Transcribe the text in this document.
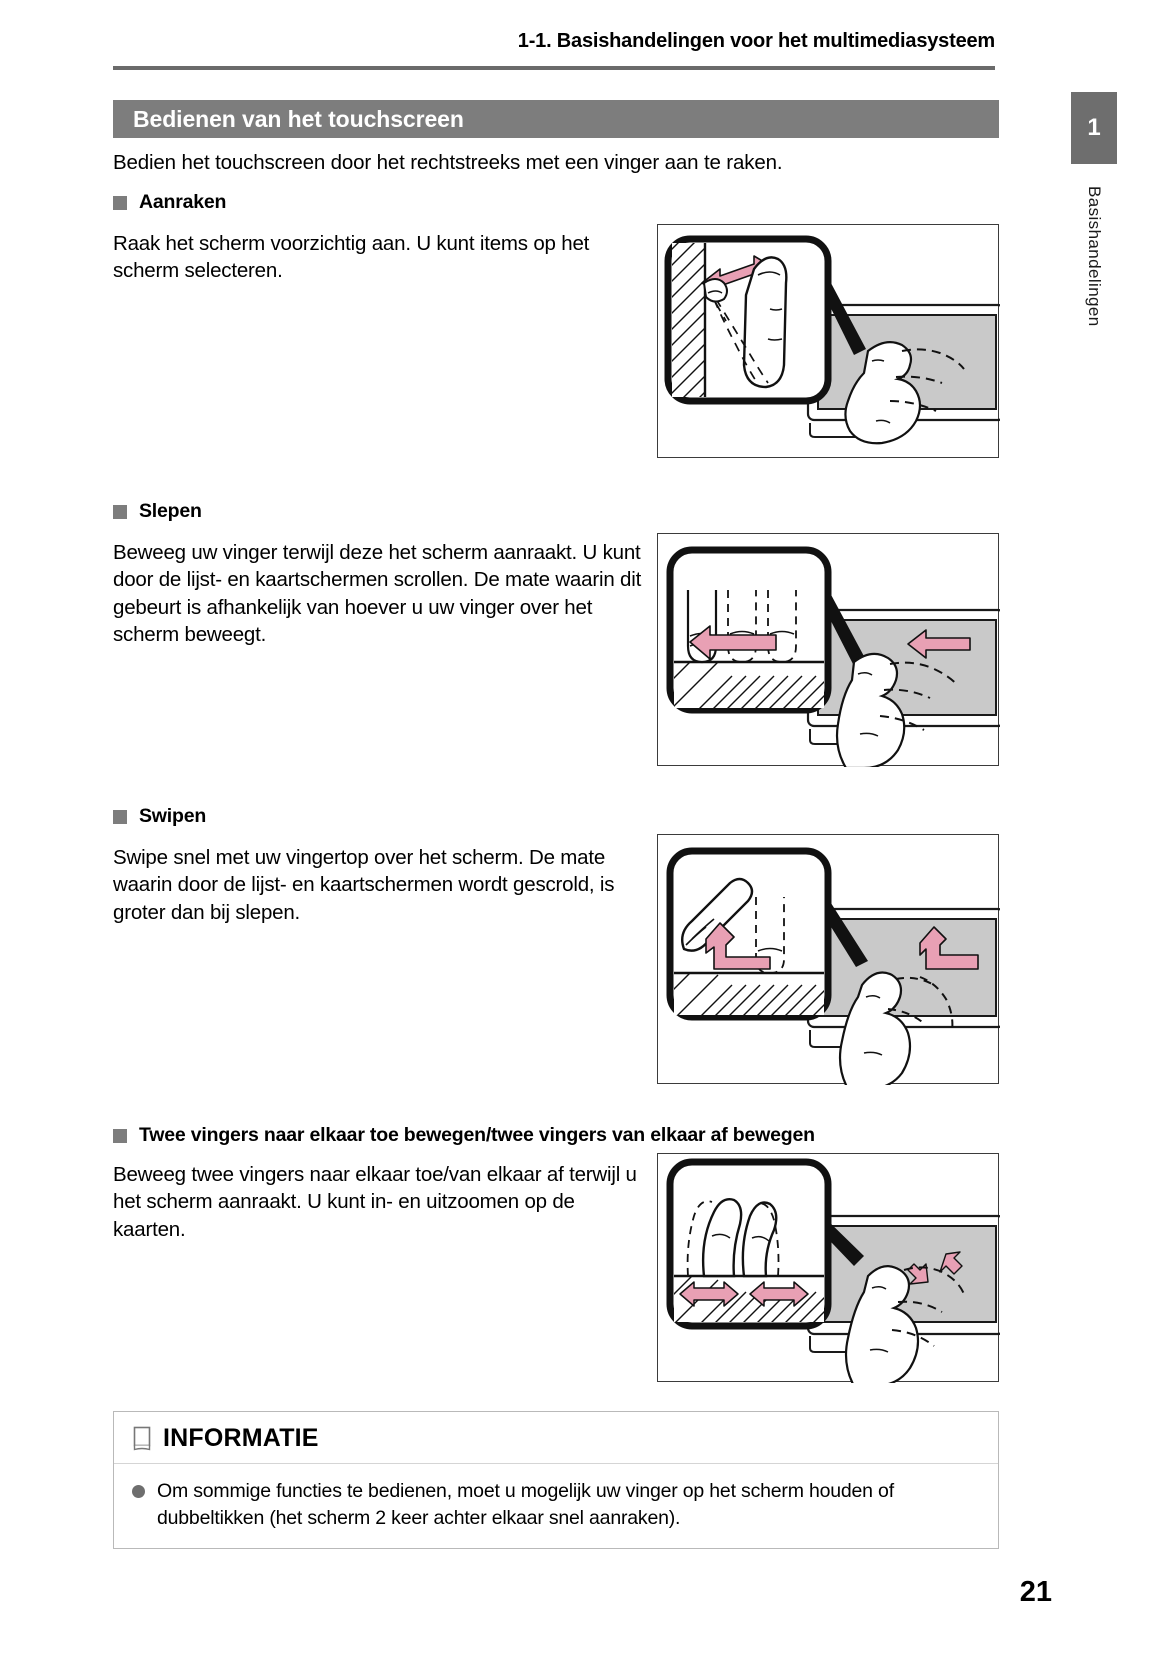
1-1. Basishandelingen voor het multimediasysteem
1
Basishandelingen
Bedienen van het touchscreen
Bedien het touchscreen door het rechtstreeks met een vinger aan te raken.
Aanraken
Raak het scherm voorzichtig aan. U kunt items op het scherm selecteren.
Slepen
Beweeg uw vinger terwijl deze het scherm aanraakt. U kunt door de lijst- en kaartschermen scrollen. De mate waarin dit gebeurt is afhankelijk van hoever u uw vinger over het scherm beweegt.
Swipen
Swipe snel met uw vingertop over het scherm. De mate waarin door de lijst- en kaartschermen wordt gescrold, is groter dan bij slepen.
Twee vingers naar elkaar toe bewegen/twee vingers van elkaar af bewegen
Beweeg twee vingers naar elkaar toe/van elkaar af terwijl u het scherm aanraakt. U kunt in- en uitzoomen op de kaarten.
INFORMATIE
Om sommige functies te bedienen, moet u mogelijk uw vinger op het scherm houden of dubbeltikken (het scherm 2 keer achter elkaar snel aanraken).
21
